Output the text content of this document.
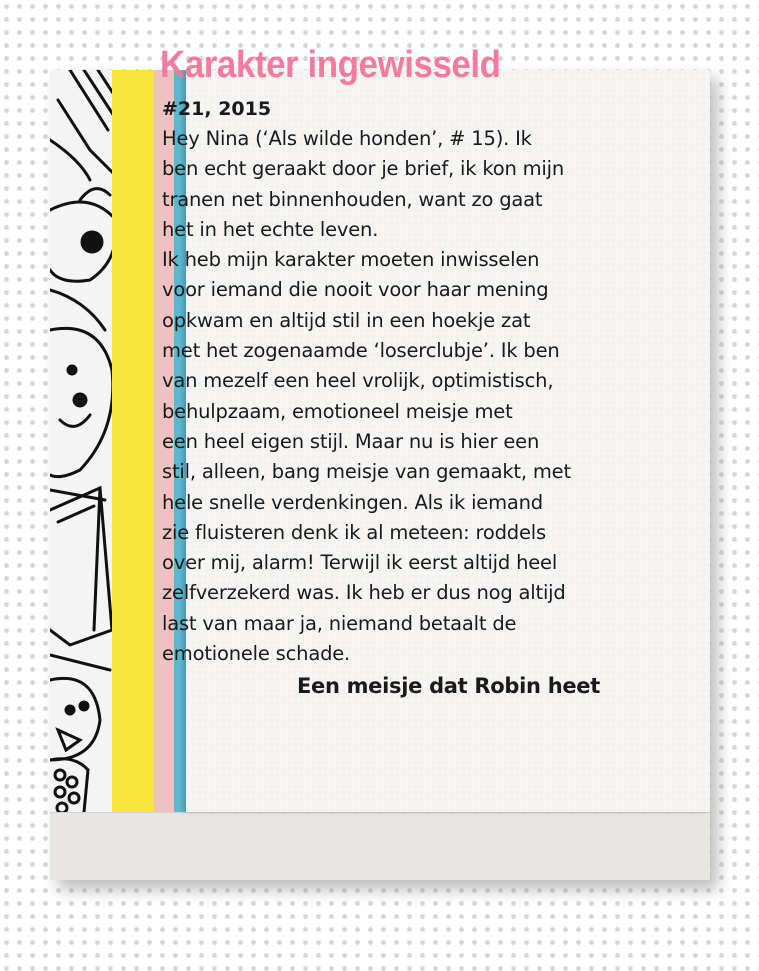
Karakter ingewisseld
#21, 2015
Hey Nina (‘Als wilde honden’, # 15). Ik
ben echt geraakt door je brief, ik kon mijn
tranen net binnenhouden, want zo gaat
het in het echte leven.
Ik heb mijn karakter moeten inwisselen
voor iemand die nooit voor haar mening
opkwam en altijd stil in een hoekje zat
met het zogenaamde ‘loserclubje’. Ik ben
van mezelf een heel vrolijk, optimistisch,
behulpzaam, emotioneel meisje met
een heel eigen stijl. Maar nu is hier een
stil, alleen, bang meisje van gemaakt, met
hele snelle verdenkingen. Als ik iemand
zie fluisteren denk ik al meteen: roddels
over mij, alarm! Terwijl ik eerst altijd heel
zelfverzekerd was. Ik heb er dus nog altijd
last van maar ja, niemand betaalt de
emotionele schade.
Een meisje dat Robin heet
